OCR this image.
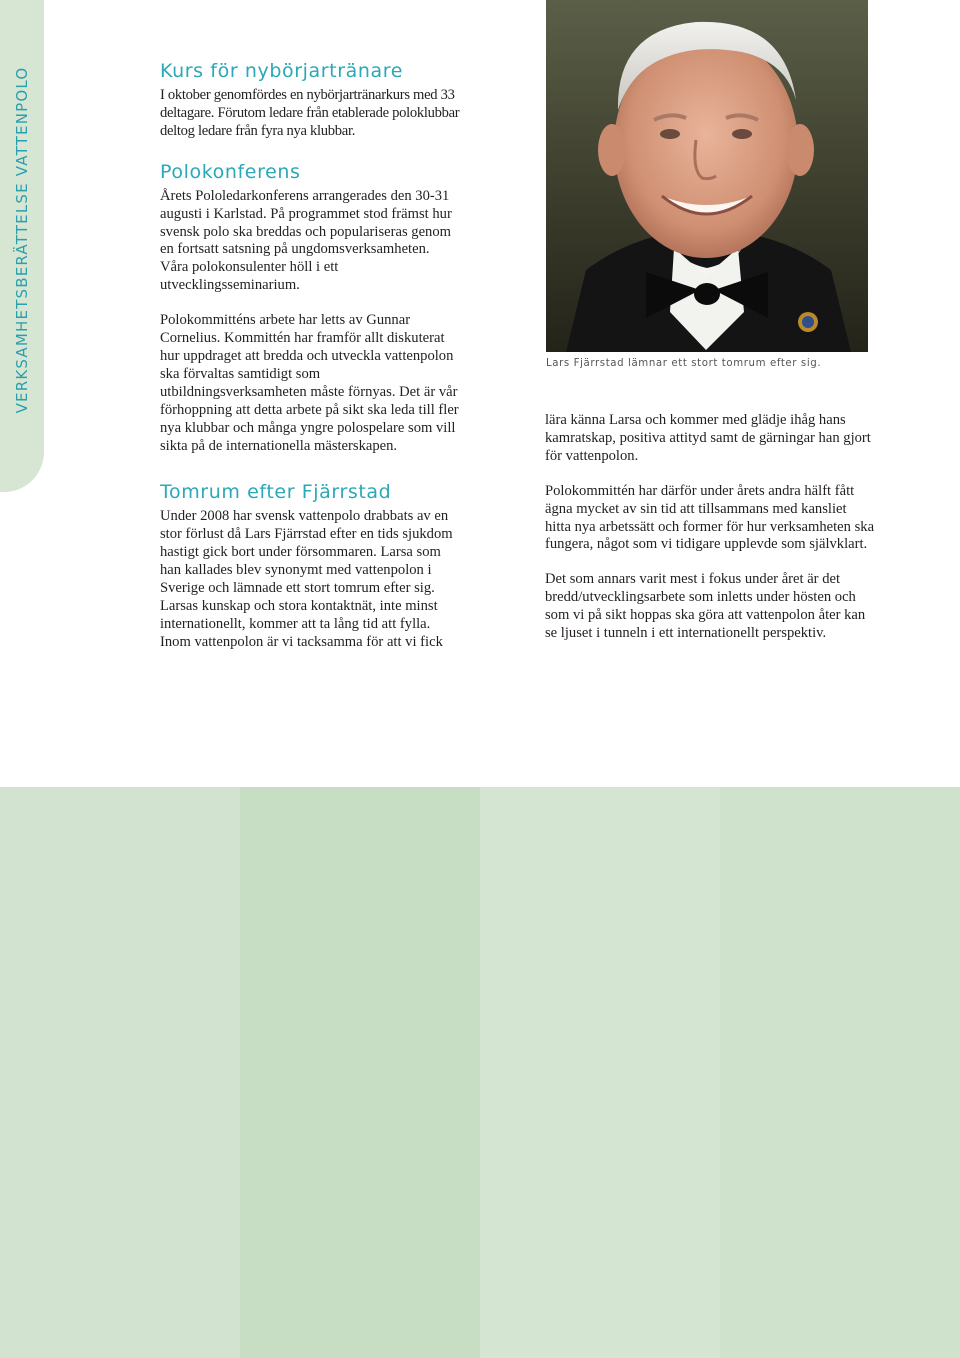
VERKSAMHETSBERÄTTELSE VATTENPOLO	Kurs för nybörjartränare

I oktober genomfördes en nybörjartränarkurs med 33 deltagare. Förutom ledare från etablerade poloklubbar deltog ledare från fyra nya klubbar.

Polokonferens

Årets Pololedarkonferens arrangerades den 30-31 augusti i Karlstad. På programmet stod främst hur svensk polo ska breddas och populariseras genom en fortsatt satsning på ungdomsverksamheten. Våra polokonsulenter höll i ett utvecklingsseminarium.

Polokommitténs arbete har letts av Gunnar Cornelius. Kommittén har framför allt diskuterat hur uppdraget att bredda och utveckla vattenpolon ska förvaltas samtidigt som utbildningsverksamheten måste förnyas. Det är vår förhoppning att detta arbete på sikt ska leda till fler nya klubbar och många yngre polospelare som vill sikta på de internationella mästerskapen.

Tomrum efter Fjärrstad

Under 2008 har svensk vattenpolo drabbats av en stor förlust då Lars Fjärrstad efter en tids sjukdom hastigt gick bort under försommaren. Larsa som han kallades blev synonymt med vattenpolon i Sverige och lämnade ett stort tomrum efter sig. Larsas kunskap och stora kontaktnät, inte minst internationellt, kommer att ta lång tid att fylla. Inom vattenpolon är vi tacksamma för att vi fick

Lars Fjärrstad lämnar ett stort tomrum efter sig.

lära känna Larsa och kommer med glädje ihåg hans kamratskap, positiva attityd samt de gärningar han gjort för vattenpolon.

Polokommittén har därför under årets andra hälft fått ägna mycket av sin tid att tillsammans med kansliet hitta nya arbetssätt och former för hur verksamheten ska fungera, något som vi tidigare upplevde som självklart.

Det som annars varit mest i fokus under året är det bredd/utvecklingsarbete som inletts under hösten och som vi på sikt hoppas ska göra att vattenpolon åter kan se ljuset i tunneln i ett internationellt perspektiv.
